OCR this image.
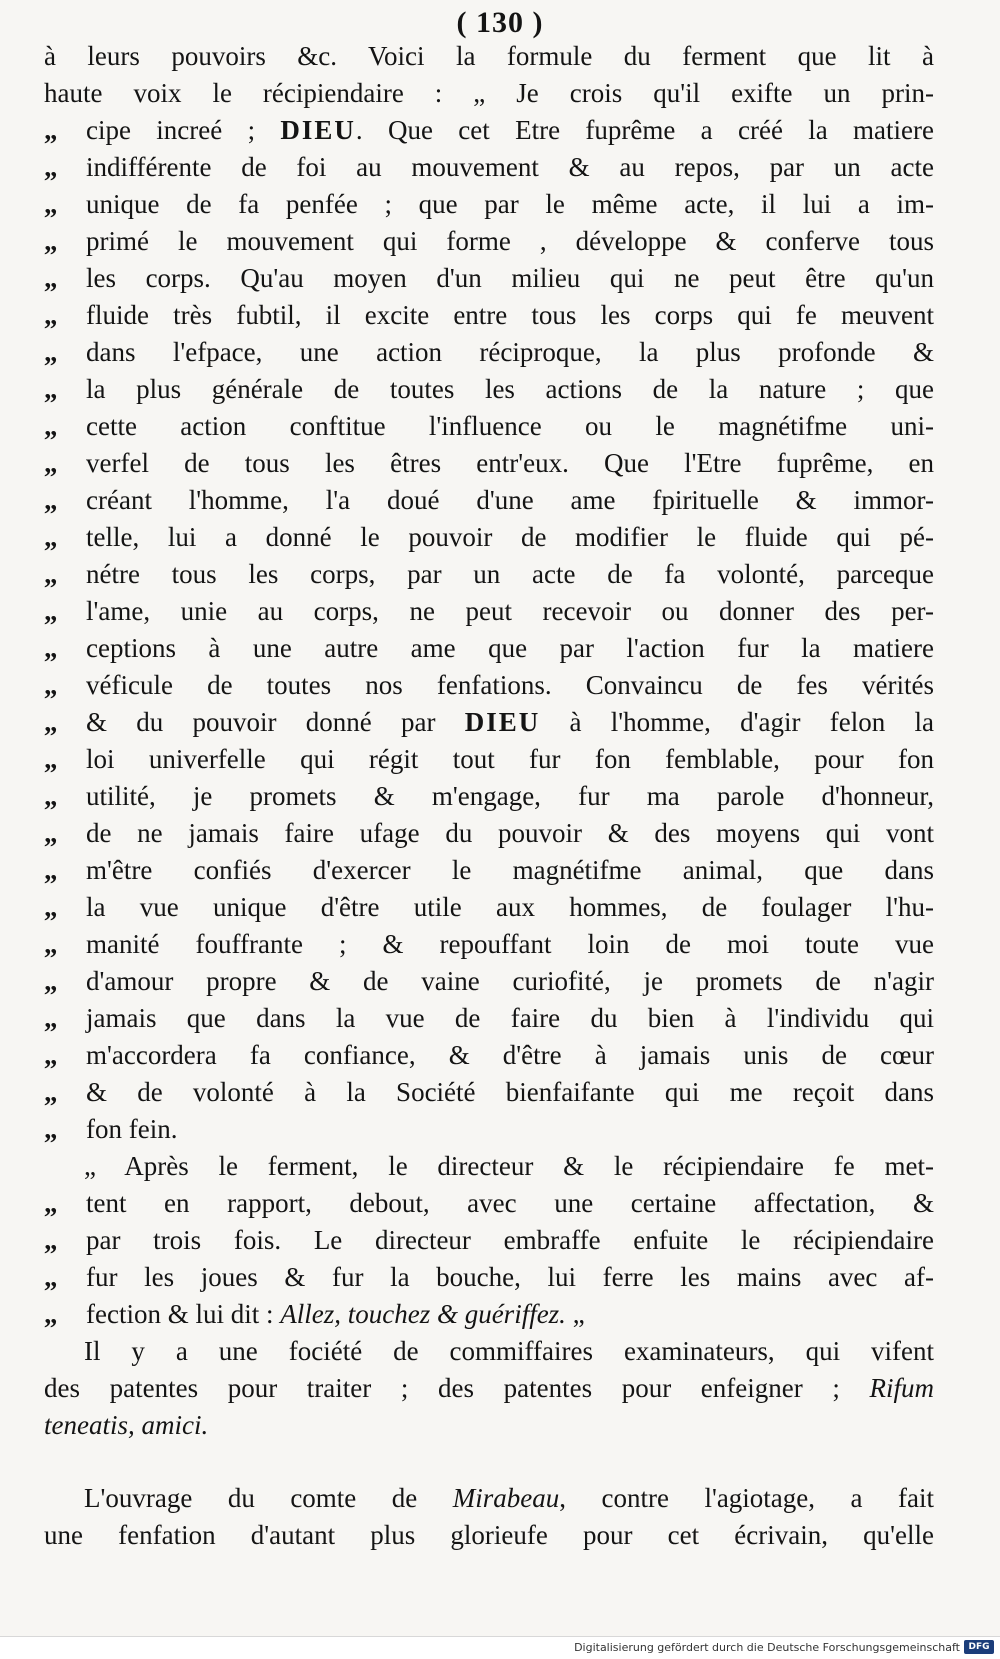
( 130 )
à leurs pouvoirs &c. Voici la formule du ferment que lit à
haute voix le récipiendaire : „ Je crois qu'il exifte un prin-
„	cipe increé ; DIEU. Que cet Etre fuprême a créé la matiere
„	indifférente de foi au mouvement & au repos, par un acte
„	unique de fa penfée ; que par le même acte, il lui a im-
„	primé le mouvement qui forme , développe & conferve tous
„	les corps. Qu'au moyen d'un milieu qui ne peut être qu'un
„	fluide très fubtil, il excite entre tous les corps qui fe meuvent
„	dans l'efpace, une action réciproque, la plus profonde &
„	la plus générale de toutes les actions de la nature ; que
„	cette action conftitue l'influence ou le magnétifme uni-
„	verfel de tous les êtres entr'eux. Que l'Etre fuprême, en
„	créant l'homme, l'a doué d'une ame fpirituelle & immor-
„	telle, lui a donné le pouvoir de modifier le fluide qui pé-
„	nétre tous les corps, par un acte de fa volonté, parceque
„	l'ame, unie au corps, ne peut recevoir ou donner des per-
„	ceptions à une autre ame que par l'action fur la matiere
„	véficule de toutes nos fenfations. Convaincu de fes vérités
„	& du pouvoir donné par DIEU à l'homme, d'agir felon la
„	loi univerfelle qui régit tout fur fon femblable, pour fon
„	utilité, je promets & m'engage, fur ma parole d'honneur,
„	de ne jamais faire ufage du pouvoir & des moyens qui vont
„	m'être confiés d'exercer le magnétifme animal, que dans
„	la vue unique d'être utile aux hommes, de foulager l'hu-
„	manité fouffrante ; & repouffant loin de moi toute vue
„	d'amour propre & de vaine curiofité, je promets de n'agir
„	jamais que dans la vue de faire du bien à l'individu qui
„	m'accordera fa confiance, & d'être à jamais unis de cœur
„	& de volonté à la Société bienfaifante qui me reçoit dans
„	fon fein.
„ Après le ferment, le directeur & le récipiendaire fe met-
„	tent en rapport, debout, avec une certaine affectation, &
„	par trois fois. Le directeur embraffe enfuite le récipiendaire
„	fur les joues & fur la bouche, lui ferre les mains avec af-
„	fection & lui dit : Allez, touchez & guériffez. „
Il y a une fociété de commiffaires examinateurs, qui vifent
des patentes pour traiter ; des patentes pour enfeigner ; Rifum
teneatis, amici.
L'ouvrage du comte de Mirabeau, contre l'agiotage, a fait
une fenfation d'autant plus glorieufe pour cet écrivain, qu'elle
Digitalisierung gefördert durch die Deutsche Forschungsgemeinschaft DFG
